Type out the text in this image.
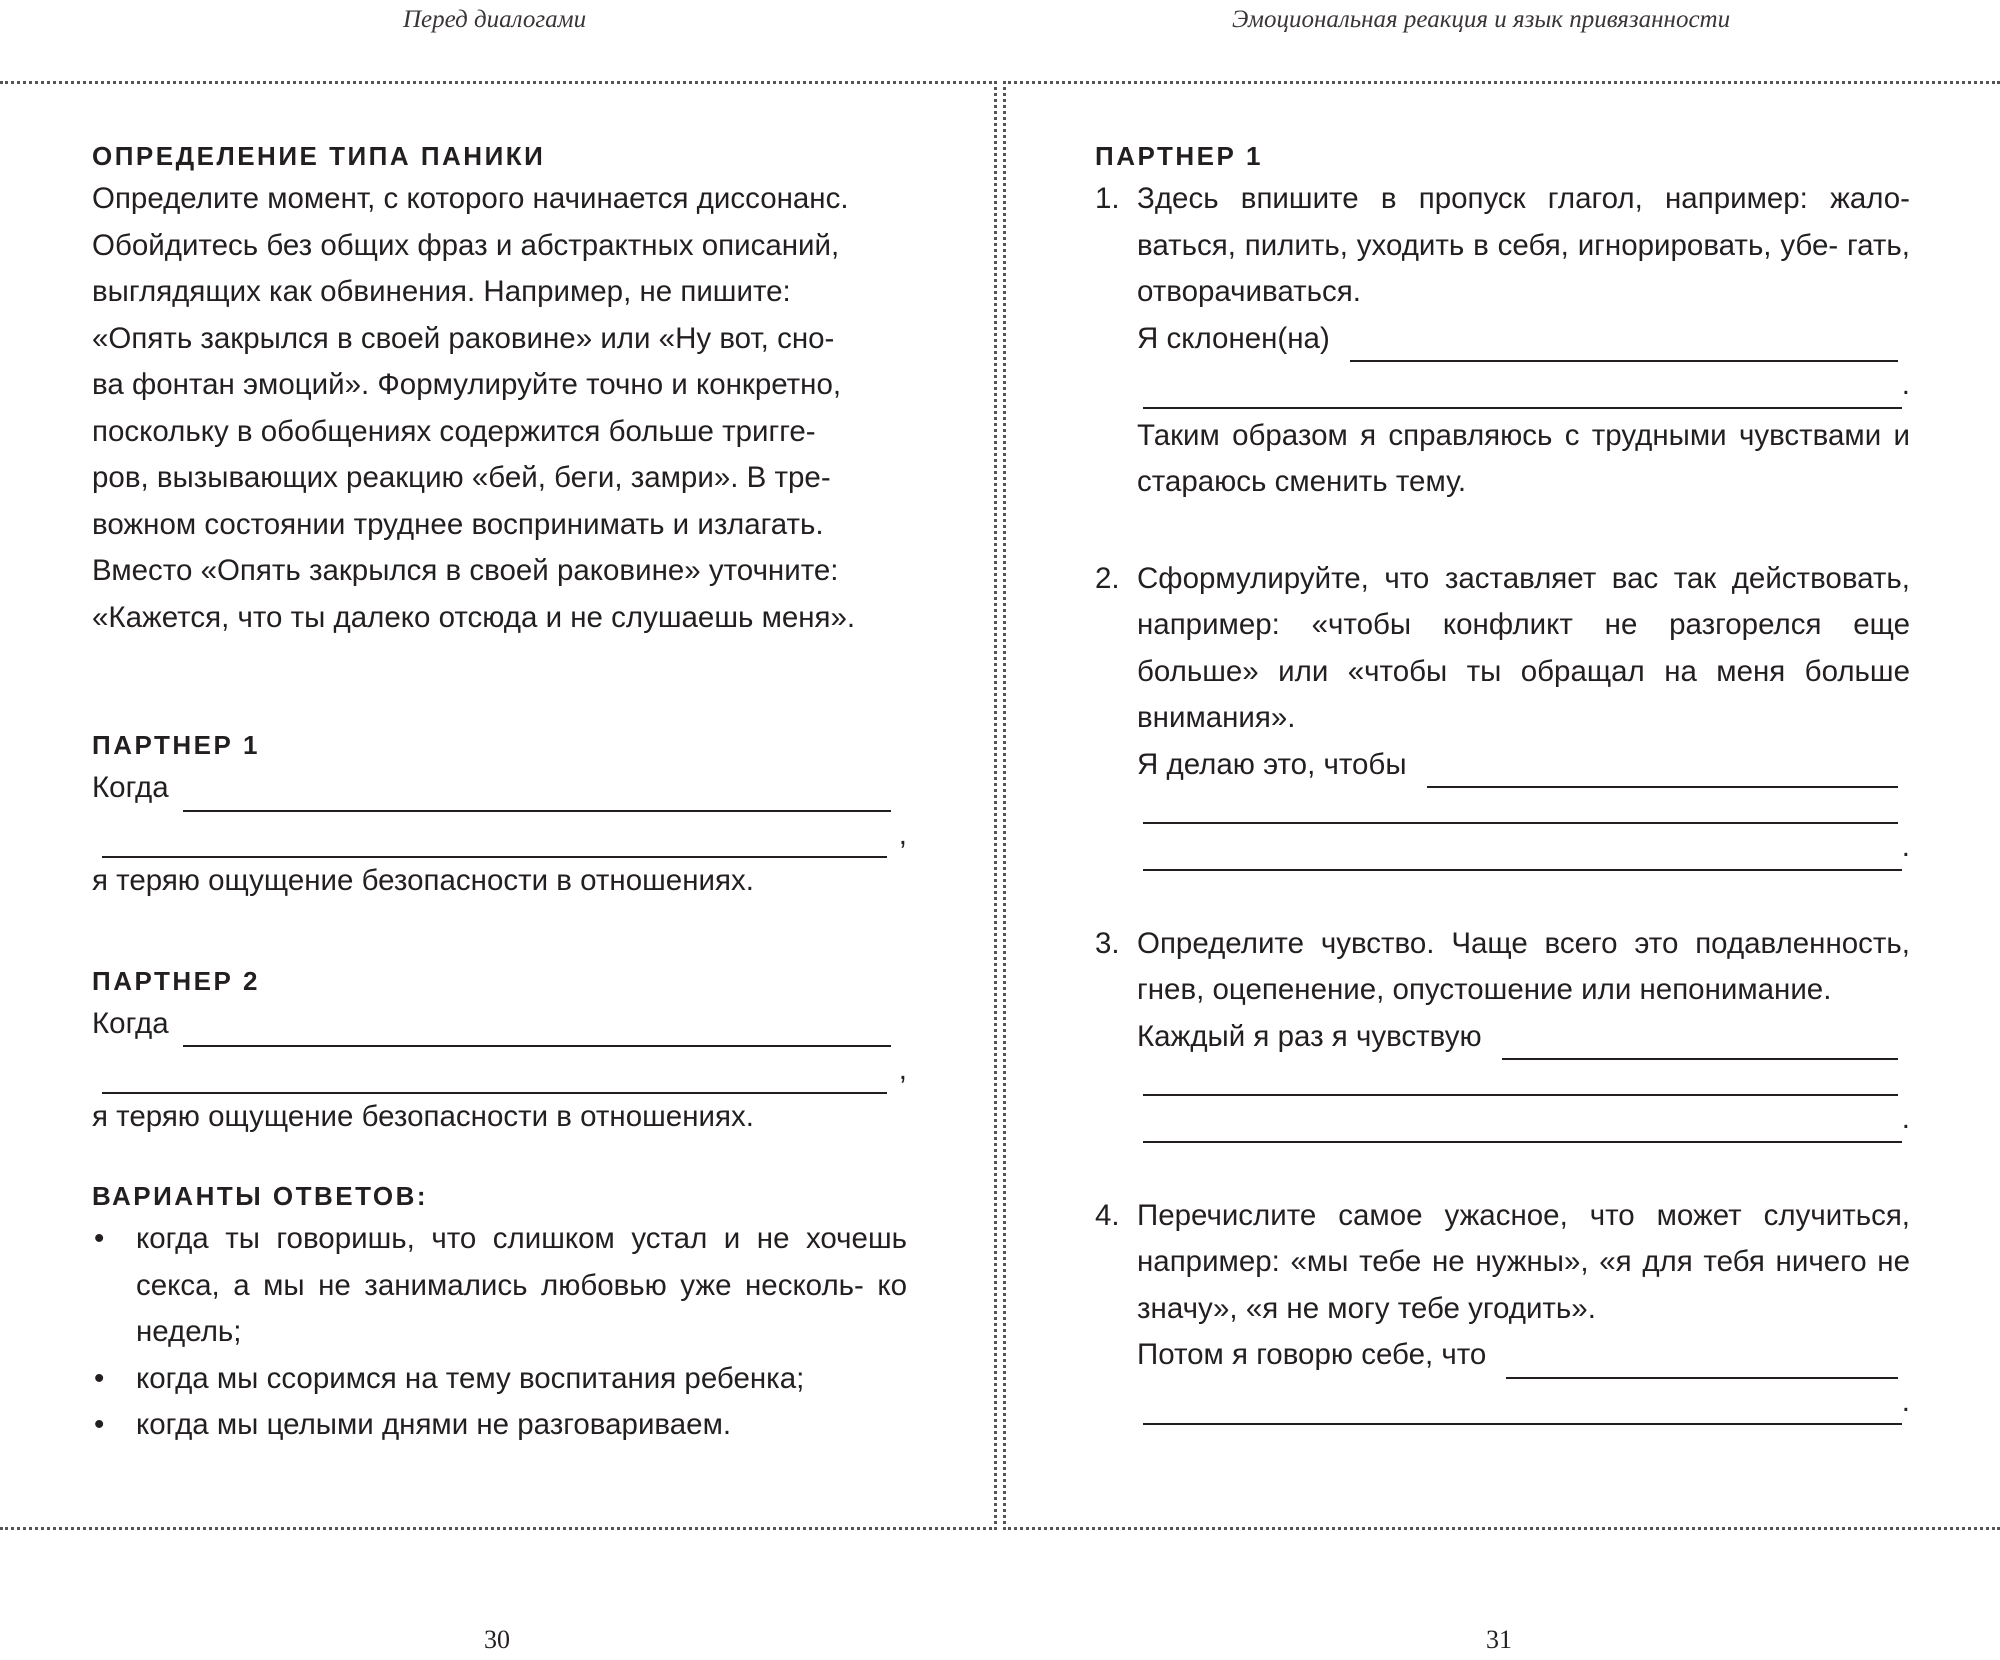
Перед диалогами	Эмоциональная реакция и язык привязанности

ОПРЕДЕЛЕНИЕ ТИПА ПАНИКИ

Определите момент, с которого начинается диссонанс.

Обойдитесь без общих фраз и абстрактных описаний,

выглядящих как обвинения. Например, не пишите:

«Опять закрылся в своей раковине» или «Ну вот, сно-

ва фонтан эмоций». Формулируйте точно и конкретно,

поскольку в обобщениях содержится больше тригге-

ров, вызывающих реакцию «бей, беги, замри». В тре-

вожном состоянии труднее воспринимать и излагать.

Вместо «Опять закрылся в своей раковине» уточните:

«Кажется, что ты далеко отсюда и не слушаешь меня».

ПАРТНЕР 1

Когда

,

я теряю ощущение безопасности в отношениях.

ПАРТНЕР 2

Когда

,

я теряю ощущение безопасности в отношениях.

ВАРИАНТЫ ОТВЕТОВ:

• когда ты говоришь, что слишком устал и не хочешь секса, а мы не занимались любовью уже несколь- ко недель;
• когда мы ссоримся на тему воспитания ребенка;
• когда мы целыми днями не разговариваем.

ПАРТНЕР 1

1. Здесь впишите в пропуск глагол, например: жало- ваться, пилить, уходить в себя, игнорировать, убе- гать, отворачиваться.

Я склонен(на)

.

Таким образом я справляюсь с трудными чувствами и стараюсь сменить тему.

2. Сформулируйте, что заставляет вас так действовать, например: «чтобы конфликт не разгорелся еще больше» или «чтобы ты обращал на меня больше внимания».

Я делаю это, чтобы

.

3. Определите чувство. Чаще всего это подавленность, гнев, оцепенение, опустошение или непонимание.

Каждый я раз я чувствую

.

4. Перечислите самое ужасное, что может случиться, например: «мы тебе не нужны», «я для тебя ничего не значу», «я не могу тебе угодить».

Потом я говорю себе, что

.

30	31
